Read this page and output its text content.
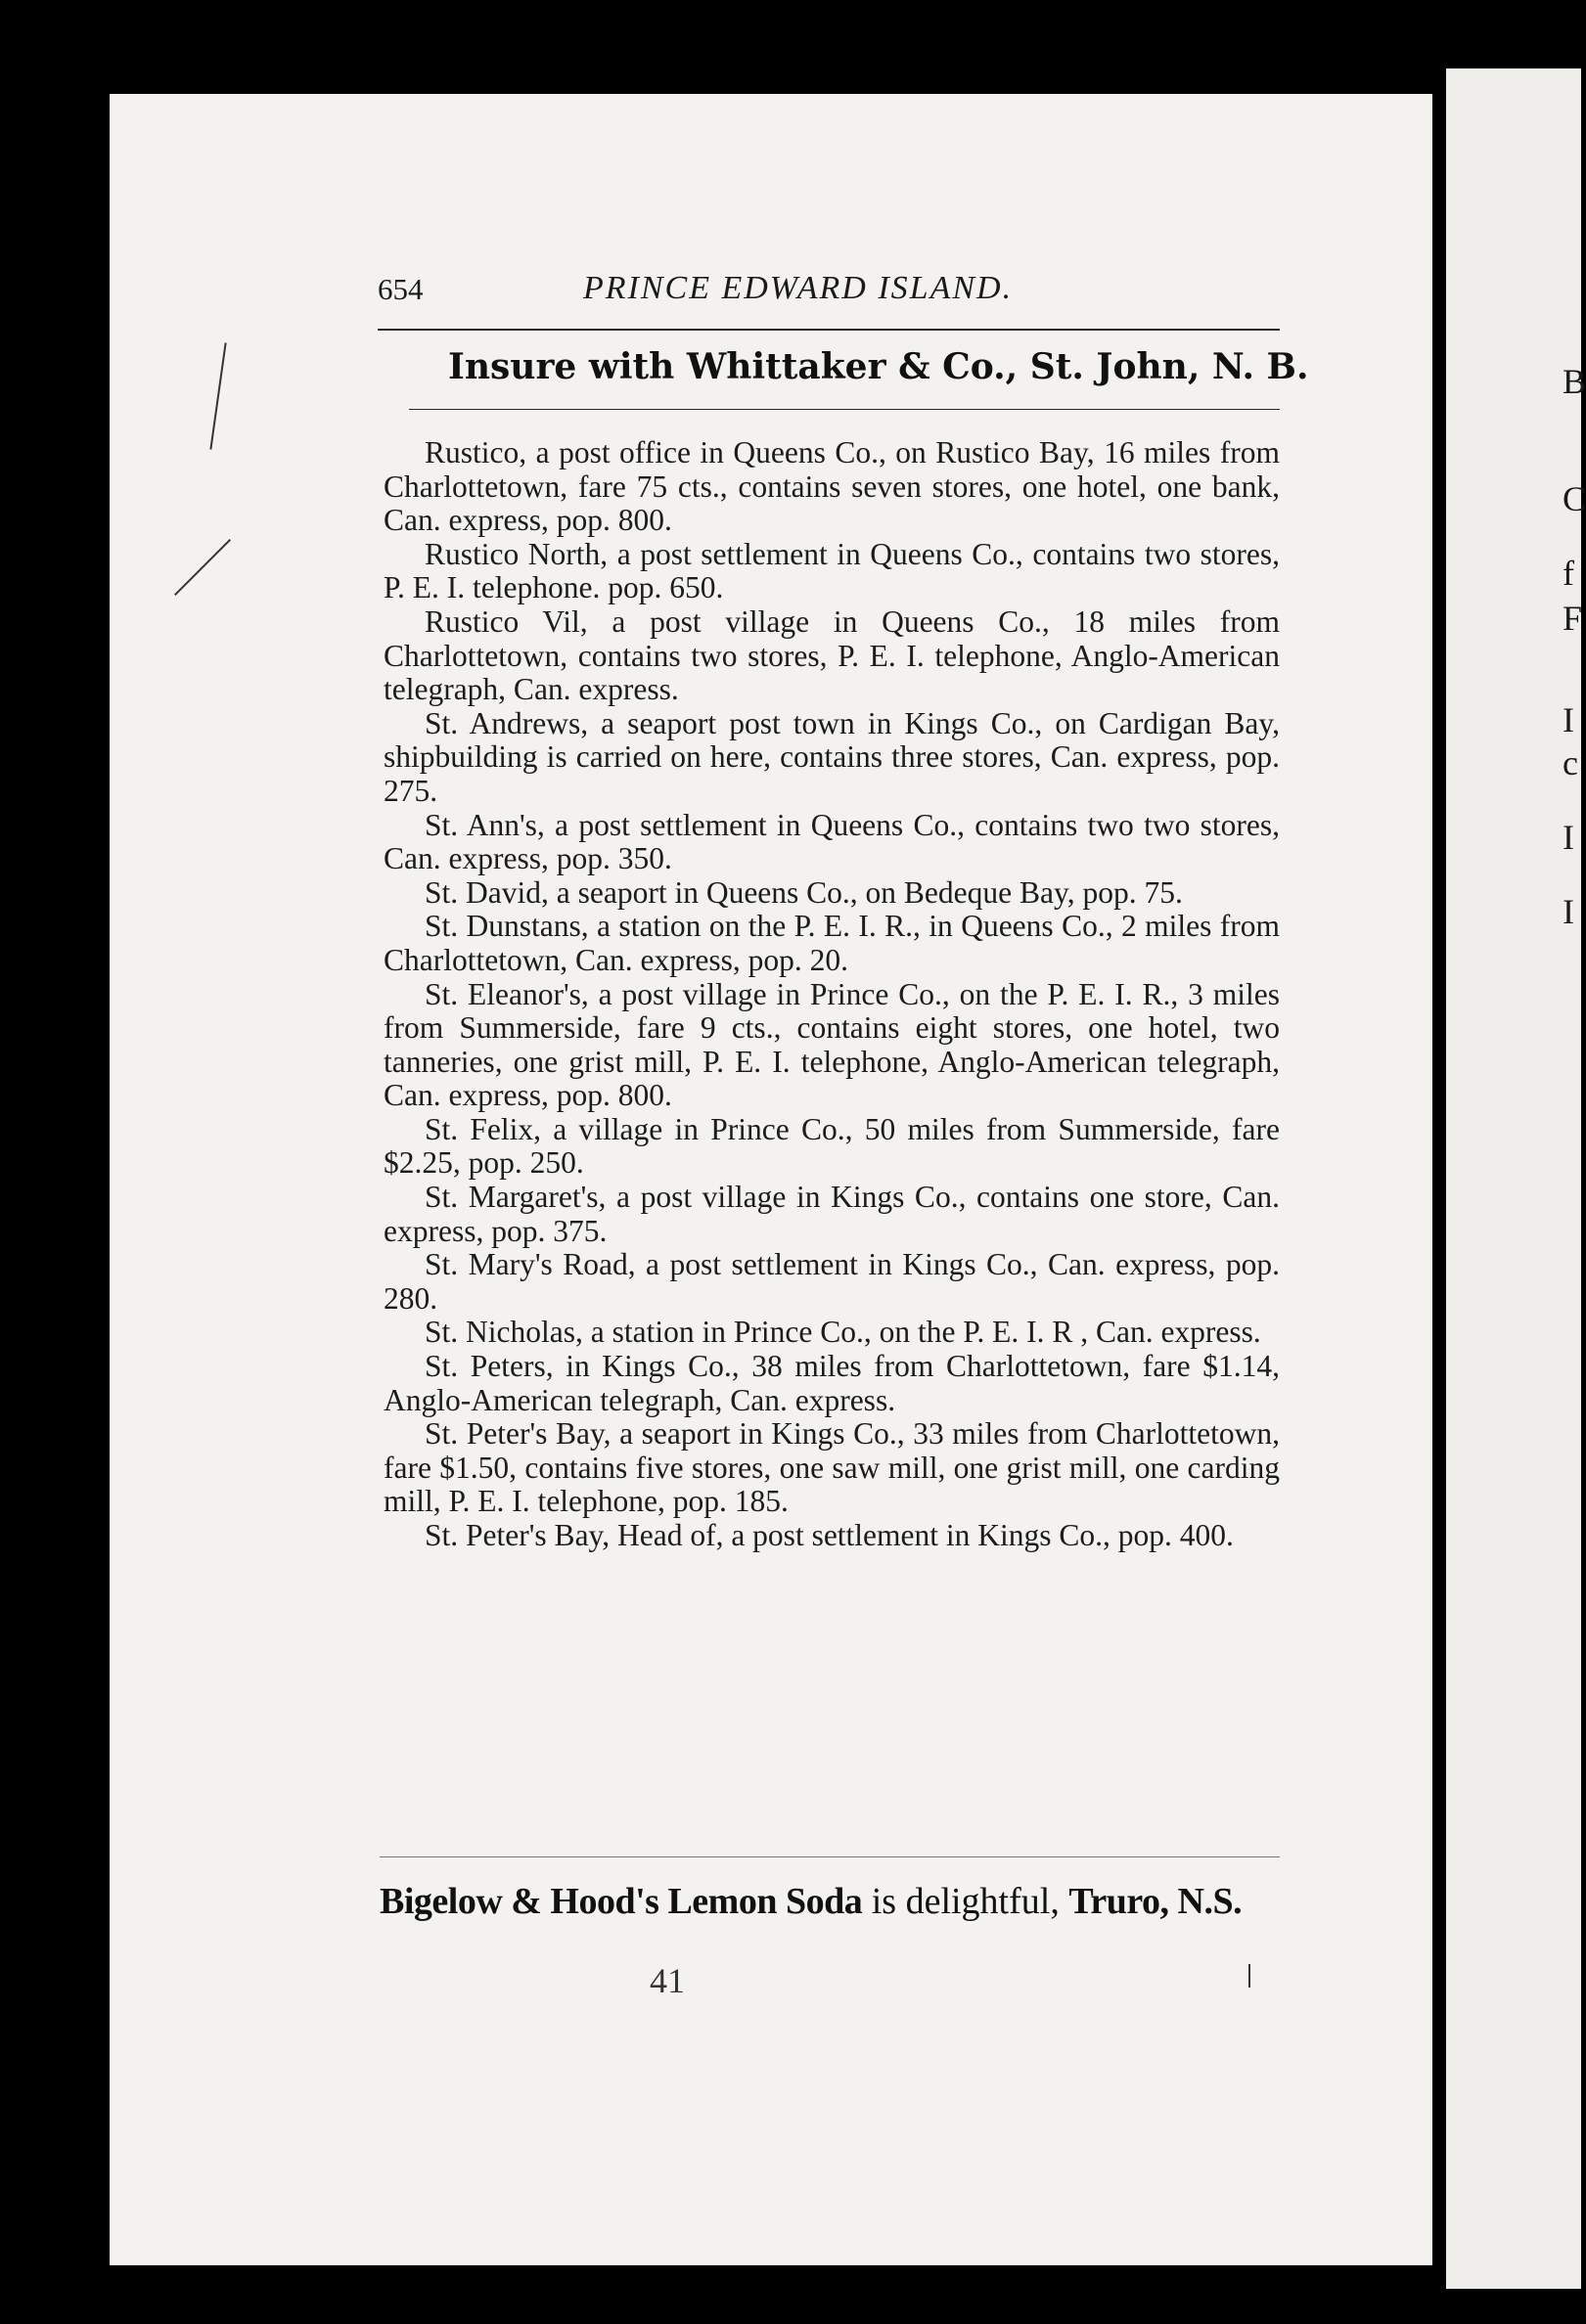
B
C
f
F
I
c
I
I
654	PRINCE EDWARD ISLAND.
Insure with Whittaker & Co., St. John, N. B.

Rustico, a post office in Queens Co., on Rustico Bay, 16 miles from Charlottetown, fare 75 cts., contains seven stores, one hotel, one bank, Can. express, pop. 800.

Rustico North, a post settlement in Queens Co., contains two stores, P. E. I. telephone. pop. 650.

Rustico Vil, a post village in Queens Co., 18 miles from Charlottetown, contains two stores, P. E. I. telephone, Anglo-American telegraph, Can. express.

St. Andrews, a seaport post town in Kings Co., on Cardigan Bay, shipbuilding is carried on here, contains three stores, Can. express, pop. 275.

St. Ann's, a post settlement in Queens Co., contains two two stores, Can. express, pop. 350.

St. David, a seaport in Queens Co., on Bedeque Bay, pop. 75.

St. Dunstans, a station on the P. E. I. R., in Queens Co., 2 miles from Charlottetown, Can. express, pop. 20.

St. Eleanor's, a post village in Prince Co., on the P. E. I. R., 3 miles from Summerside, fare 9 cts., contains eight stores, one hotel, two tanneries, one grist mill, P. E. I. telephone, Anglo-American telegraph, Can. express, pop. 800.

St. Felix, a village in Prince Co., 50 miles from Summerside, fare $2.25, pop. 250.

St. Margaret's, a post village in Kings Co., contains one store, Can. express, pop. 375.

St. Mary's Road, a post settlement in Kings Co., Can. express, pop. 280.

St. Nicholas, a station in Prince Co., on the P. E. I. R , Can. express.

St. Peters, in Kings Co., 38 miles from Charlottetown, fare $1.14, Anglo-American telegraph, Can. express.

St. Peter's Bay, a seaport in Kings Co., 33 miles from Charlottetown, fare $1.50, contains five stores, one saw mill, one grist mill, one carding mill, P. E. I. telephone, pop. 185.

St. Peter's Bay, Head of, a post settlement in Kings Co., pop. 400.

Bigelow & Hood's Lemon Soda is delightful, Truro, N.S.
41
